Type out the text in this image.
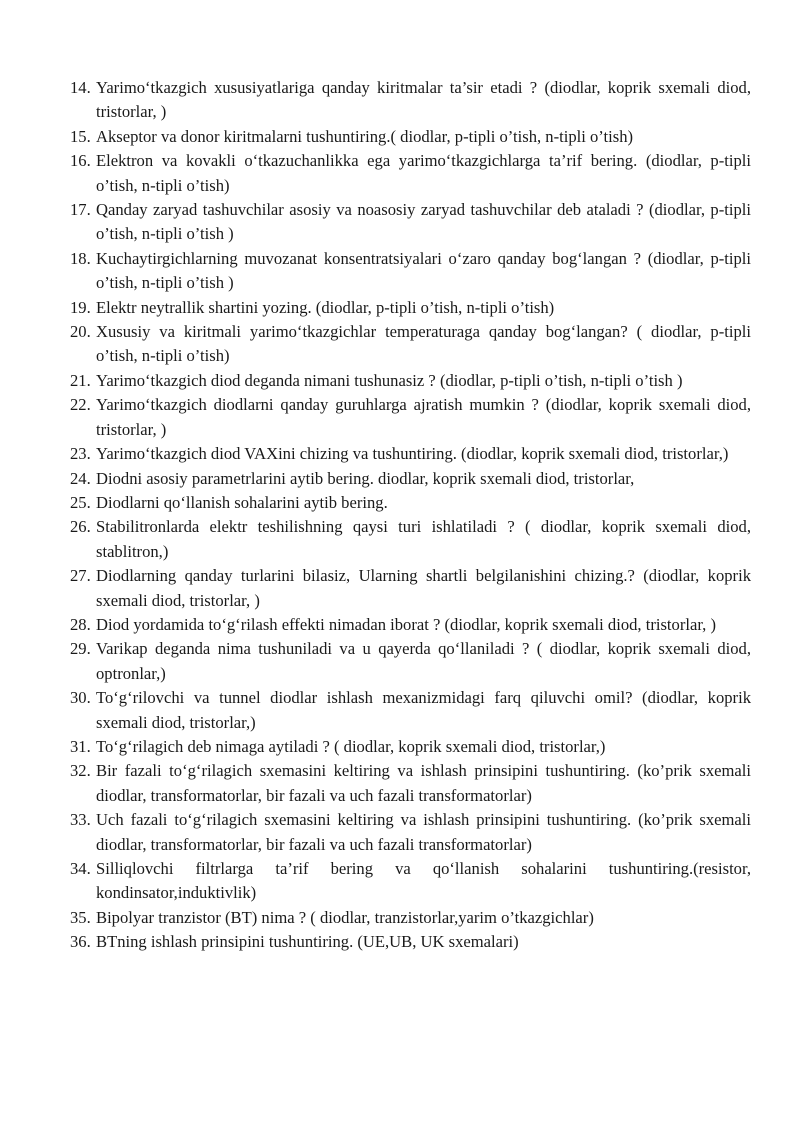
14. Yarimo‘tkazgich xususiyatlariga qanday kiritmalar ta’sir etadi ? (diodlar, koprik sxemali diod, tristorlar, )
15. Akseptor va donor kiritmalarni tushuntiring.( diodlar, p-tipli o’tish, n-tipli o’tish)
16. Elektron va kovakli o‘tkazuchanlikka ega yarimo‘tkazgichlarga ta’rif bering. (diodlar, p-tipli o’tish, n-tipli o’tish)
17. Qanday zaryad tashuvchilar asosiy va noasosiy zaryad tashuvchilar deb ataladi ? (diodlar, p-tipli o’tish, n-tipli o’tish )
18. Kuchaytirgichlarning muvozanat konsentratsiyalari o‘zaro qanday bog‘langan ? (diodlar, p-tipli o’tish, n-tipli o’tish )
19. Elektr neytrallik shartini yozing. (diodlar, p-tipli o’tish, n-tipli o’tish)
20. Xususiy va kiritmali yarimo‘tkazgichlar temperaturaga qanday bog‘langan? ( diodlar, p-tipli o’tish, n-tipli o’tish)
21. Yarimo‘tkazgich diod deganda nimani tushunasiz ? (diodlar, p-tipli o’tish, n-tipli o’tish )
22. Yarimo‘tkazgich diodlarni qanday guruhlarga ajratish mumkin ? (diodlar, koprik sxemali diod, tristorlar, )
23. Yarimo‘tkazgich diod VAXini chizing va tushuntiring. (diodlar, koprik sxemali diod, tristorlar,)
24. Diodni asosiy parametrlarini aytib bering. diodlar, koprik sxemali diod, tristorlar,
25. Diodlarni qo‘llanish sohalarini aytib bering.
26. Stabilitronlarda elektr teshilishning qaysi turi ishlatiladi ? ( diodlar, koprik sxemali diod, stablitron,)
27. Diodlarning qanday turlarini bilasiz, Ularning shartli belgilanishini chizing.? (diodlar, koprik sxemali diod, tristorlar, )
28. Diod yordamida to‘g‘rilash effekti nimadan iborat ? (diodlar, koprik sxemali diod, tristorlar, )
29. Varikap deganda nima tushuniladi va u qayerda qo‘llaniladi ? ( diodlar, koprik sxemali diod, optronlar,)
30. To‘g‘rilovchi va tunnel diodlar ishlash mexanizmidagi farq qiluvchi omil? (diodlar, koprik sxemali diod, tristorlar,)
31. To‘g‘rilagich deb nimaga aytiladi ? ( diodlar, koprik sxemali diod, tristorlar,)
32. Bir fazali to‘g‘rilagich sxemasini keltiring va ishlash prinsipini tushuntiring. (ko’prik sxemali diodlar, transformatorlar, bir fazali va uch fazali transformatorlar)
33. Uch fazali to‘g‘rilagich sxemasini keltiring va ishlash prinsipini tushuntiring. (ko’prik sxemali diodlar, transformatorlar, bir fazali va uch fazali transformatorlar)
34. Silliqlovchi filtrlarga ta’rif bering va qo‘llanish sohalarini tushuntiring.(resistor, kondinsator,induktivlik)
35. Bipolyar tranzistor (BT) nima ? ( diodlar, tranzistorlar,yarim o’tkazgichlar)
36. BTning ishlash prinsipini tushuntiring. (UE,UB, UK sxemalari)
